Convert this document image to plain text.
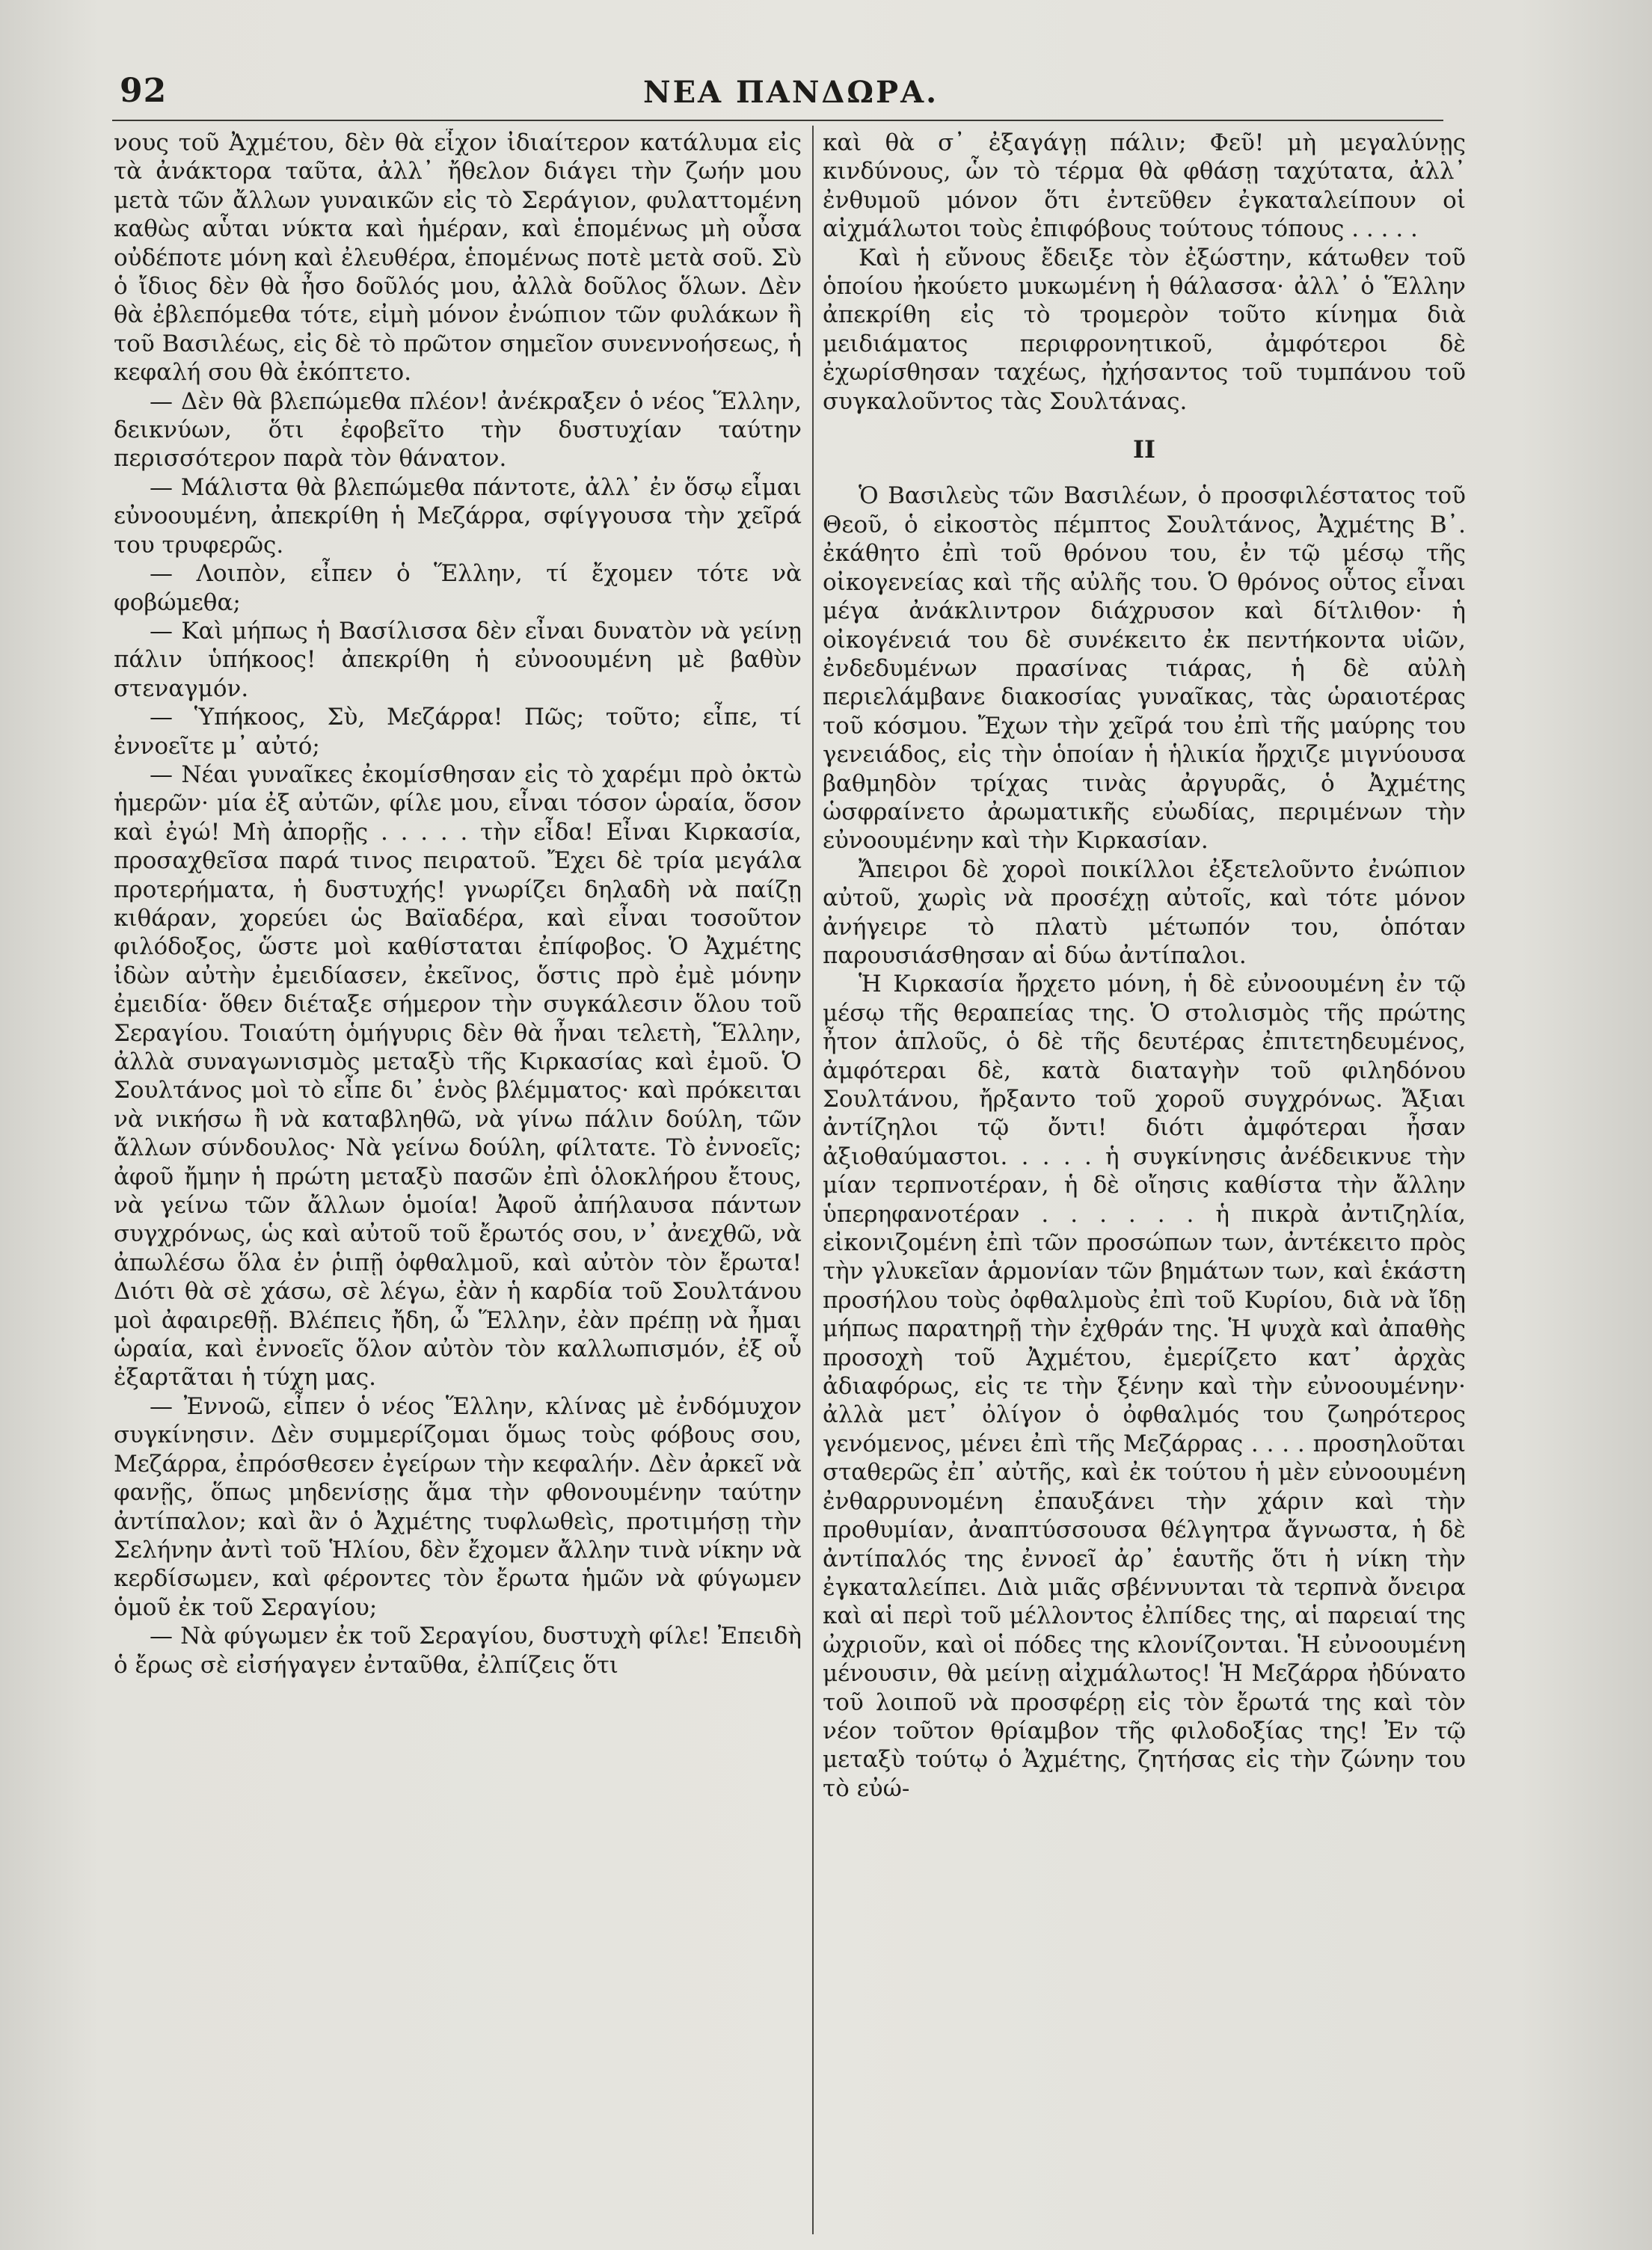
92	ΝΕΑ ΠΑΝΔΩΡΑ.

νους τοῦ Ἀχμέτου, δὲν θὰ εἶχον ἰδιαίτερον κατάλυμα εἰς τὰ ἀνάκτορα ταῦτα, ἀλλ᾿ ἤθελον διάγει τὴν ζωήν μου μετὰ τῶν ἄλλων γυναικῶν εἰς τὸ Σεράγιον, φυλαττομένη καθὼς αὗται νύκτα καὶ ἡμέραν, καὶ ἑπομένως μὴ οὖσα οὐδέποτε μόνη καὶ ἐλευθέρα, ἑπομένως ποτὲ μετὰ σοῦ. Σὺ ὁ ἴδιος δὲν θὰ ἦσο δοῦλός μου, ἀλλὰ δοῦλος ὅλων. Δὲν θὰ ἐβλεπόμεθα τότε, εἰμὴ μόνον ἐνώπιον τῶν φυλάκων ἢ τοῦ Βασιλέως, εἰς δὲ τὸ πρῶτον σημεῖον συνεννοήσεως, ἡ κεφαλή σου θὰ ἐκόπτετο.

— Δὲν θὰ βλεπώμεθα πλέον! ἀνέκραξεν ὁ νέος Ἕλλην, δεικνύων, ὅτι ἐφοβεῖτο τὴν δυστυχίαν ταύτην περισσότερον παρὰ τὸν θάνατον.

— Μάλιστα θὰ βλεπώμεθα πάντοτε, ἀλλ᾿ ἐν ὅσῳ εἶμαι εὐνοουμένη, ἀπεκρίθη ἡ Μεζάρρα, σφίγγουσα τὴν χεῖρά του τρυφερῶς.

— Λοιπὸν, εἶπεν ὁ Ἕλλην, τί ἔχομεν τότε νὰ φοβώμεθα;

— Καὶ μήπως ἡ Βασίλισσα δὲν εἶναι δυνατὸν νὰ γείνῃ πάλιν ὑπήκοος! ἀπεκρίθη ἡ εὐνοουμένη μὲ βαθὺν στεναγμόν.

— Ὑπήκοος, Σὺ, Μεζάρρα! Πῶς; τοῦτο; εἶπε, τί ἐννοεῖτε μ᾿ αὐτό;

— Νέαι γυναῖκες ἐκομίσθησαν εἰς τὸ χαρέμι πρὸ ὀκτὼ ἡμερῶν· μία ἐξ αὐτῶν, φίλε μου, εἶναι τόσον ὡραία, ὅσον καὶ ἐγώ! Μὴ ἀπορῇς . . . . . τὴν εἶδα! Εἶναι Κιρκασία, προσαχθεῖσα παρά τινος πειρατοῦ. Ἔχει δὲ τρία μεγάλα προτερήματα, ἡ δυστυχής! γνωρίζει δηλαδὴ νὰ παίζῃ κιθάραν, χορεύει ὡς Βαϊαδέρα, καὶ εἶναι τοσοῦτον φιλόδοξος, ὥστε μοὶ καθίσταται ἐπίφοβος. Ὁ Ἀχμέτης ἰδὼν αὐτὴν ἐμειδίασεν, ἐκεῖνος, ὅστις πρὸ ἐμὲ μόνην ἐμειδία· ὅθεν διέταξε σήμερον τὴν συγκάλεσιν ὅλου τοῦ Σεραγίου. Τοιαύτη ὁμήγυρις δὲν θὰ ἦναι τελετὴ, Ἕλλην, ἀλλὰ συναγωνισμὸς μεταξὺ τῆς Κιρκασίας καὶ ἐμοῦ. Ὁ Σουλτάνος μοὶ τὸ εἶπε δι᾿ ἑνὸς βλέμματος· καὶ πρόκειται νὰ νικήσω ἢ νὰ καταβληθῶ, νὰ γίνω πάλιν δούλη, τῶν ἄλλων σύνδουλος· Νὰ γείνω δούλη, φίλτατε. Τὸ ἐννοεῖς; ἀφοῦ ἤμην ἡ πρώτη μεταξὺ πασῶν ἐπὶ ὁλοκλήρου ἔτους, νὰ γείνω τῶν ἄλλων ὁμοία! Ἀφοῦ ἀπήλαυσα πάντων συγχρόνως, ὡς καὶ αὐτοῦ τοῦ ἔρωτός σου, ν᾿ ἀνεχθῶ, νὰ ἀπωλέσω ὅλα ἐν ῥιπῇ ὀφθαλμοῦ, καὶ αὐτὸν τὸν ἔρωτα! Διότι θὰ σὲ χάσω, σὲ λέγω, ἐὰν ἡ καρδία τοῦ Σουλτάνου μοὶ ἀφαιρεθῇ. Βλέπεις ἤδη, ὦ Ἕλλην, ἐὰν πρέπῃ νὰ ἦμαι ὡραία, καὶ ἐννοεῖς ὅλον αὐτὸν τὸν καλλωπισμόν, ἐξ οὗ ἐξαρτᾶται ἡ τύχη μας.

— Ἐννοῶ, εἶπεν ὁ νέος Ἕλλην, κλίνας μὲ ἐνδόμυχον συγκίνησιν. Δὲν συμμερίζομαι ὅμως τοὺς φόβους σου, Μεζάρρα, ἐπρόσθεσεν ἐγείρων τὴν κεφαλήν. Δὲν ἀρκεῖ νὰ φανῇς, ὅπως μηδενίσῃς ἅμα τὴν φθονουμένην ταύτην ἀντίπαλον; καὶ ἂν ὁ Ἀχμέτης τυφλωθεὶς, προτιμήσῃ τὴν Σελήνην ἀντὶ τοῦ Ἡλίου, δὲν ἔχομεν ἄλλην τινὰ νίκην νὰ κερδίσωμεν, καὶ φέροντες τὸν ἔρωτα ἡμῶν νὰ φύγωμεν ὁμοῦ ἐκ τοῦ Σεραγίου;

— Νὰ φύγωμεν ἐκ τοῦ Σεραγίου, δυστυχὴ φίλε! Ἐπειδὴ ὁ ἔρως σὲ εἰσήγαγεν ἐνταῦθα, ἐλπίζεις ὅτι

καὶ θὰ σ᾿ ἐξαγάγῃ πάλιν; Φεῦ! μὴ μεγαλύνῃς κινδύνους, ὧν τὸ τέρμα θὰ φθάσῃ ταχύτατα, ἀλλ᾿ ἐνθυμοῦ μόνον ὅτι ἐντεῦθεν ἐγκαταλείπουν οἱ αἰχμάλωτοι τοὺς ἐπιφόβους τούτους τόπους . . . . .

Καὶ ἡ εὔνους ἔδειξε τὸν ἐξώστην, κάτωθεν τοῦ ὁποίου ἠκούετο μυκωμένη ἡ θάλασσα· ἀλλ᾿ ὁ Ἕλλην ἀπεκρίθη εἰς τὸ τρομερὸν τοῦτο κίνημα διὰ μειδιάματος περιφρονητικοῦ, ἀμφότεροι δὲ ἐχωρίσθησαν ταχέως, ἠχήσαντος τοῦ τυμπάνου τοῦ συγκαλοῦντος τὰς Σουλτάνας.

II

Ὁ Βασιλεὺς τῶν Βασιλέων, ὁ προσφιλέστατος τοῦ Θεοῦ, ὁ εἰκοστὸς πέμπτος Σουλτάνος, Ἀχμέτης Β᾿. ἐκάθητο ἐπὶ τοῦ θρόνου του, ἐν τῷ μέσῳ τῆς οἰκογενείας καὶ τῆς αὐλῆς του. Ὁ θρόνος οὗτος εἶναι μέγα ἀνάκλιντρον διάχρυσον καὶ δίτλιθον· ἡ οἰκογένειά του δὲ συνέκειτο ἐκ πεντήκοντα υἱῶν, ἐνδεδυμένων πρασίνας τιάρας, ἡ δὲ αὐλὴ περιελάμβανε διακοσίας γυναῖκας, τὰς ὡραιοτέρας τοῦ κόσμου. Ἔχων τὴν χεῖρά του ἐπὶ τῆς μαύρης του γενειάδος, εἰς τὴν ὁποίαν ἡ ἡλικία ἤρχιζε μιγνύουσα βαθμηδὸν τρίχας τινὰς ἀργυρᾶς, ὁ Ἀχμέτης ὡσφραίνετο ἀρωματικῆς εὐωδίας, περιμένων τὴν εὐνοουμένην καὶ τὴν Κιρκασίαν.

Ἄπειροι δὲ χοροὶ ποικίλλοι ἐξετελοῦντο ἐνώπιον αὐτοῦ, χωρὶς νὰ προσέχῃ αὐτοῖς, καὶ τότε μόνον ἀνήγειρε τὸ πλατὺ μέτωπόν του, ὁπόταν παρουσιάσθησαν αἱ δύω ἀντίπαλοι.

Ἡ Κιρκασία ἤρχετο μόνη, ἡ δὲ εὐνοουμένη ἐν τῷ μέσῳ τῆς θεραπείας της. Ὁ στολισμὸς τῆς πρώτης ἦτον ἁπλοῦς, ὁ δὲ τῆς δευτέρας ἐπιτετηδευμένος, ἀμφότεραι δὲ, κατὰ διαταγὴν τοῦ φιληδόνου Σουλτάνου, ἤρξαντο τοῦ χοροῦ συγχρόνως. Ἄξιαι ἀντίζηλοι τῷ ὄντι! διότι ἀμφότεραι ἦσαν ἀξιοθαύμαστοι. . . . . ἡ συγκίνησις ἀνέδεικνυε τὴν μίαν τερπνοτέραν, ἡ δὲ οἴησις καθίστα τὴν ἄλλην ὑπερηφανοτέραν . . . . . . ἡ πικρὰ ἀντιζηλία, εἰκονιζομένη ἐπὶ τῶν προσώπων των, ἀντέκειτο πρὸς τὴν γλυκεῖαν ἁρμονίαν τῶν βημάτων των, καὶ ἑκάστη προσήλου τοὺς ὀφθαλμοὺς ἐπὶ τοῦ Κυρίου, διὰ νὰ ἴδῃ μήπως παρατηρῇ τὴν ἐχθράν της. Ἡ ψυχὰ καὶ ἀπαθὴς προσοχὴ τοῦ Ἀχμέτου, ἐμερίζετο κατ᾿ ἀρχὰς ἀδιαφόρως, εἰς τε τὴν ξένην καὶ τὴν εὐνοουμένην· ἀλλὰ μετ᾿ ὀλίγον ὁ ὀφθαλμός του ζωηρότερος γενόμενος, μένει ἐπὶ τῆς Μεζάρρας . . . . προσηλοῦται σταθερῶς ἐπ᾿ αὐτῆς, καὶ ἐκ τούτου ἡ μὲν εὐνοουμένη ἐνθαρρυνομένη ἐπαυξάνει τὴν χάριν καὶ τὴν προθυμίαν, ἀναπτύσσουσα θέλγητρα ἄγνωστα, ἡ δὲ ἀντίπαλός της ἐννοεῖ ἀρ᾿ ἑαυτῆς ὅτι ἡ νίκη τὴν ἐγκαταλείπει. Διὰ μιᾶς σβέννυνται τὰ τερπνὰ ὄνειρα καὶ αἱ περὶ τοῦ μέλλοντος ἐλπίδες της, αἱ παρειαί της ὠχριοῦν, καὶ οἱ πόδες της κλονίζονται. Ἡ εὐνοουμένη μένουσιν, θὰ μείνῃ αἰχμάλωτος! Ἡ Μεζάρρα ἠδύνατο τοῦ λοιποῦ νὰ προσφέρῃ εἰς τὸν ἔρωτά της καὶ τὸν νέον τοῦτον θρίαμβον τῆς φιλοδοξίας της! Ἐν τῷ μεταξὺ τούτῳ ὁ Ἀχμέτης, ζητήσας εἰς τὴν ζώνην του τὸ εὐώ-
